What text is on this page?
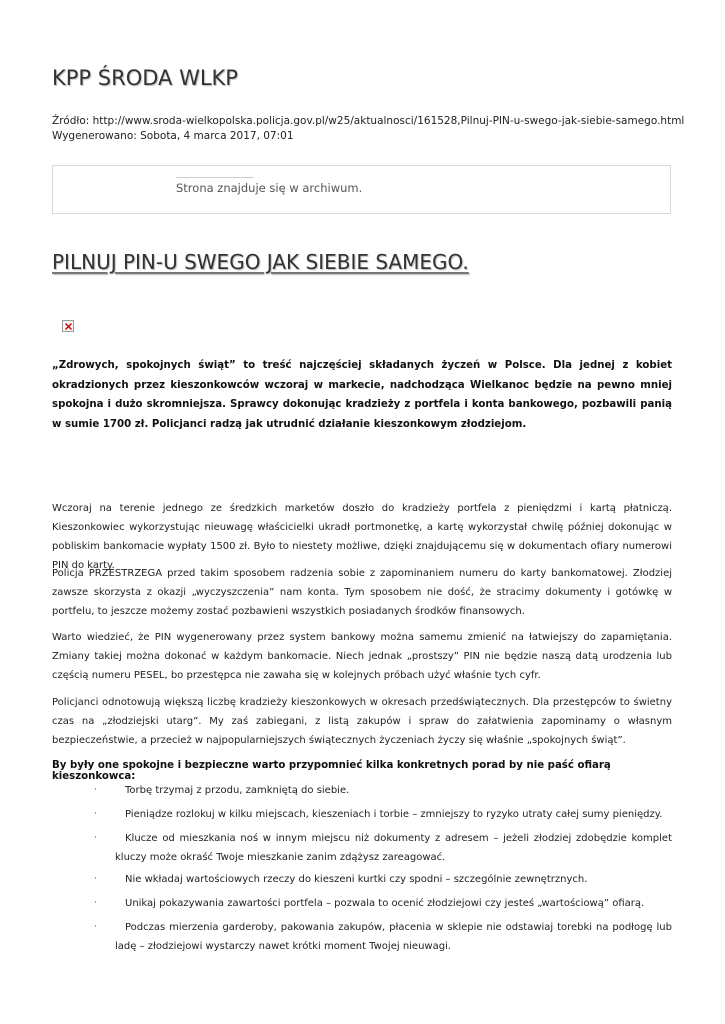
KPP ŚRODA WLKP
Źródło: http://www.sroda-wielkopolska.policja.gov.pl/w25/aktualnosci/161528,Pilnuj-PIN-u-swego-jak-siebie-samego.html
Wygenerowano: Sobota, 4 marca 2017, 07:01
Strona znajduje się w archiwum.
PILNUJ PIN-U SWEGO JAK SIEBIE SAMEGO.

„Zdrowych, spokojnych świąt” to treść najczęściej składanych życzeń w Polsce. Dla jednej z kobiet okradzionych przez kieszonkowców wczoraj w markecie, nadchodząca Wielkanoc będzie na pewno mniej spokojna i dużo skromniejsza. Sprawcy dokonując kradzieży z portfela i konta bankowego, pozbawili panią w sumie 1700 zł. Policjanci radzą jak utrudnić działanie kieszonkowym złodziejom.

Wczoraj na terenie jednego ze średzkich marketów doszło do kradzieży portfela z pieniędzmi i kartą płatniczą. Kieszonkowiec wykorzystując nieuwagę właścicielki ukradł portmonetkę, a kartę wykorzystał chwilę później dokonując w pobliskim bankomacie wypłaty 1500 zł. Było to niestety możliwe, dzięki znajdującemu się w dokumentach ofiary numerowi PIN do karty.

Policja PRZESTRZEGA przed takim sposobem radzenia sobie z zapominaniem numeru do karty bankomatowej. Złodziej zawsze skorzysta z okazji „wyczyszczenia” nam konta. Tym sposobem nie dość, że stracimy dokumenty i gotówkę w portfelu, to jeszcze możemy zostać pozbawieni wszystkich posiadanych środków finansowych.

Warto wiedzieć, że PIN wygenerowany przez system bankowy można samemu zmienić na łatwiejszy do zapamiętania. Zmiany takiej można dokonać w każdym bankomacie. Niech jednak „prostszy” PIN nie będzie naszą datą urodzenia lub częścią numeru PESEL, bo przestępca nie zawaha się w kolejnych próbach użyć właśnie tych cyfr.

Policjanci odnotowują większą liczbę kradzieży kieszonkowych w okresach przedświątecznych. Dla przestępców to świetny czas na „złodziejski utarg”. My zaś zabiegani, z listą zakupów i spraw do załatwienia zapominamy o własnym bezpieczeństwie, a przecież w najpopularniejszych świątecznych życzeniach życzy się właśnie „spokojnych świąt”.

By były one spokojne i bezpieczne warto przypomnieć kilka konkretnych porad by nie paść ofiarą kieszonkowca:

·	Torbę trzymaj z przodu, zamkniętą do siebie.
·	Pieniądze rozlokuj w kilku miejscach, kieszeniach i torbie – zmniejszy to ryzyko utraty całej sumy pieniędzy.
·	Klucze od mieszkania noś w innym miejscu niż dokumenty z adresem – jeżeli złodziej zdobędzie komplet kluczy może okraść Twoje mieszkanie zanim zdążysz zareagować.
·	Nie wkładaj wartościowych rzeczy do kieszeni kurtki czy spodni – szczególnie zewnętrznych.
·	Unikaj pokazywania zawartości portfela – pozwala to ocenić złodziejowi czy jesteś „wartościową” ofiarą.
·	Podczas mierzenia garderoby, pakowania zakupów, płacenia w sklepie nie odstawiaj torebki na podłogę lub ladę – złodziejowi wystarczy nawet krótki moment Twojej nieuwagi.
